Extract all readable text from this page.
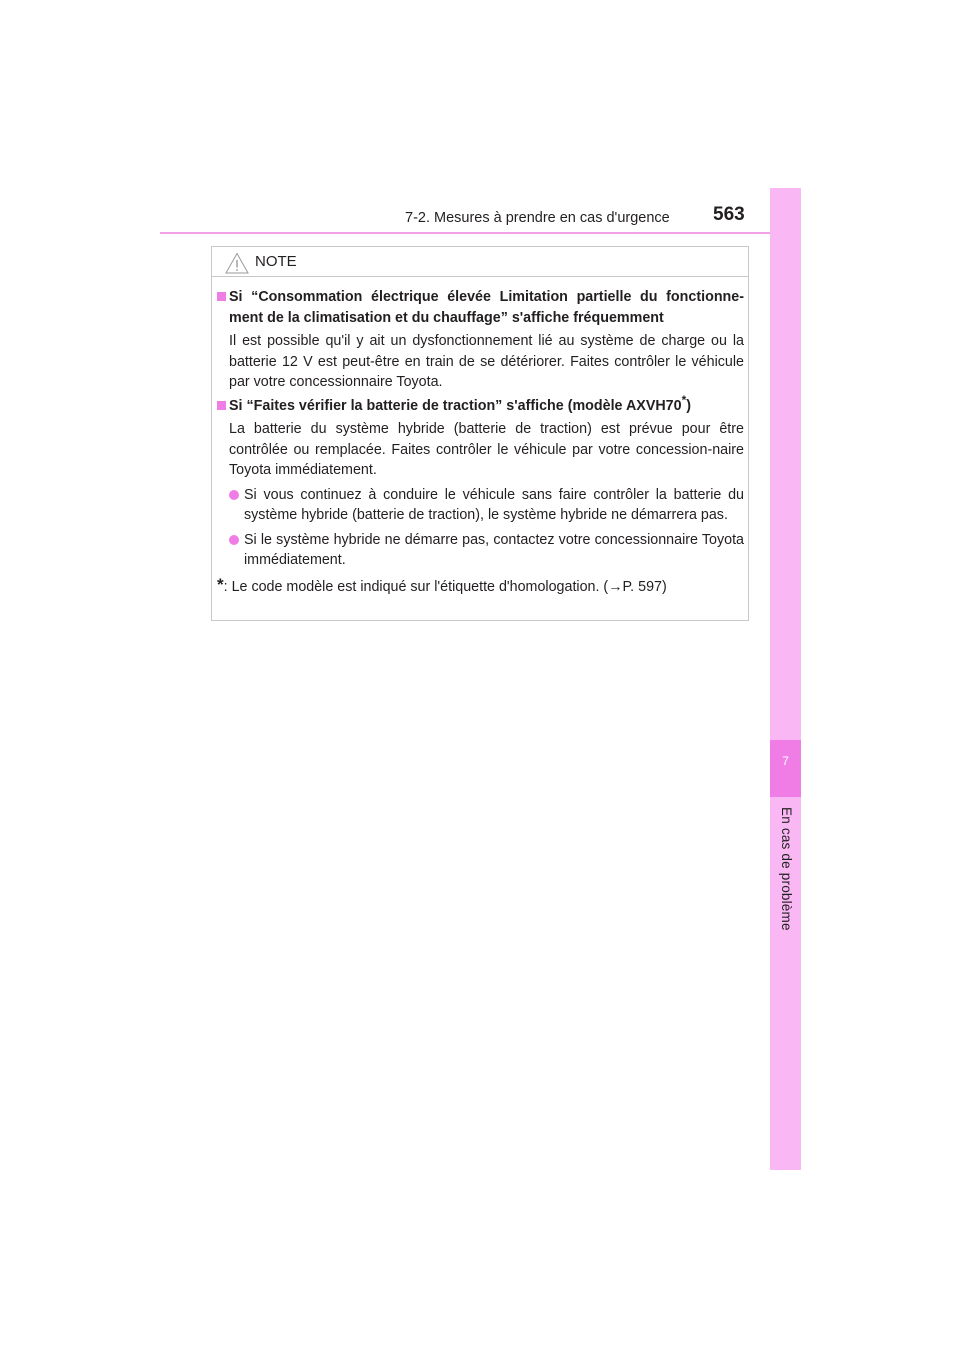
7-2. Mesures à prendre en cas d'urgence 563
7
En cas de problème
NOTE
Si “Consommation électrique élevée Limitation partielle du fonctionne-ment de la climatisation et du chauffage” s'affiche fréquemment
Il est possible qu'il y ait un dysfonctionnement lié au système de charge ou la batterie 12 V est peut-être en train de se détériorer. Faites contrôler le véhicule par votre concessionnaire Toyota.
Si “Faites vérifier la batterie de traction” s'affiche (modèle AXVH70*)
La batterie du système hybride (batterie de traction) est prévue pour être contrôlée ou remplacée. Faites contrôler le véhicule par votre concession-naire Toyota immédiatement.
Si vous continuez à conduire le véhicule sans faire contrôler la batterie du système hybride (batterie de traction), le système hybride ne démarrera pas.
Si le système hybride ne démarre pas, contactez votre concessionnaire Toyota immédiatement.
*: Le code modèle est indiqué sur l'étiquette d'homologation. (→P. 597)
